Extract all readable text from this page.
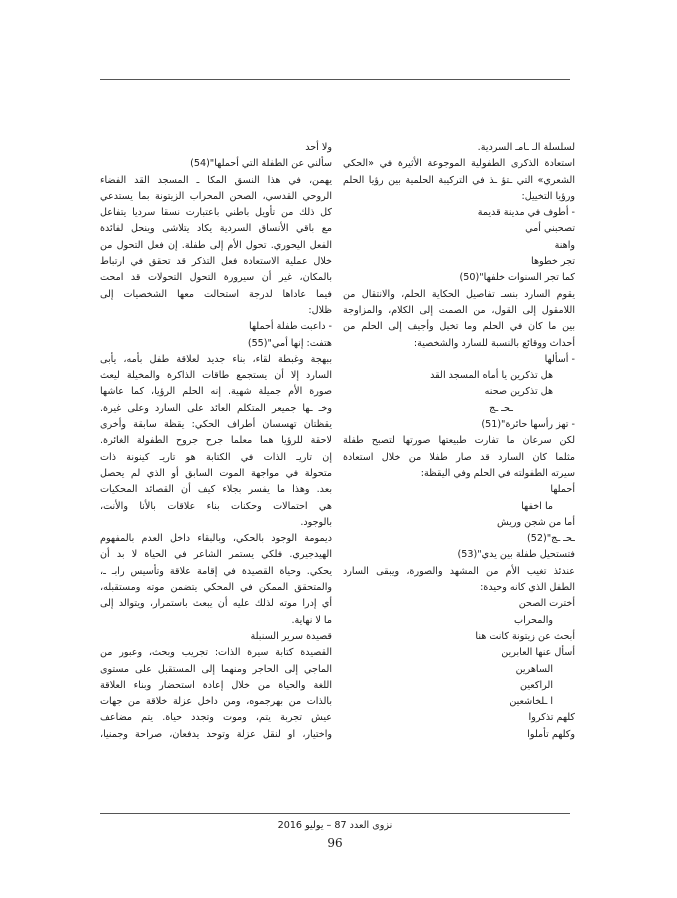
لسلسلة الـ ـامـ السردية.
استعادة الذكرى الطفولية الموجوعة الأثيرة في «الحكي
الشعري» التي ـتؤ ـذ في التركيبة الحلمية بين رؤيا الحلم
ورؤيا التخييل:
- أطوف في مدينة قديمة
تصحبني أمي
واهنة
تجر خطوها
كما تجر السنوات خلفها"(50)
يقوم السارد بنسـ تفاصيل الحكاية الحلم، والانتقال من
اللامقول إلى القول، من الصمت إلى الكلام، والمزاوجة
بين ما كان في الحلم وما تخيل وأجيف إلى الحلم من
أحداث ووقائع بالنسبة للسارد والشخصية:
- أسألها
هل تذكرين يا أماه المسجد القد
هل تذكرين صحنه
ـحـ ـج
- تهز رأسها حائرة"(51)
لكن سرعان ما تفارت طبيعتها صورتها لتصبح طفلة
مثلما كان السارد قد صار طفلا من خلال استعادة
سيرته الطفولته في الحلم وفي اليقظة:
أحملها
ما اخفها
أما من شجن وريش
ـحـ ـج"(52)
فتستحيل طفلة بين يدي"(53)
عندئذ تغيب الأم من المشهد والصورة، ويبقى السارد
الطفل الذي كانه وحيدة:
أخترت الصحن
والمحراب
أبحث عن زيتونة كانت هنا
أسأل عنها العابرين
الساهرين
الراكعين
ا ـلخاشعين
كلهم تذكروا
وكلهم تأملوا
ولا أحد
سألني عن الطفلة التي أحملها"(54)
يهمن، في هذا النسق المكا ـ المسجد القد الفضاء
الروحي القدسي، الصحن المحراب الزيتونة بما يستدعي
كل ذلك من تأويل باطني باعتبارت نسقا سرديا يتفاعل
مع باقي الأنساق السردية يكاد يتلاشى وينحل لفائدة
الفعل اليحوري. تحول الأم إلى طفلة. إن فعل التحول من
خلال عملية الاستعادة فعل التذكر قد تحقق في ارتباط
بالمكان، غير أن سيرورة التحول التحولات قد امحت
فيما عاداها لدرجة استحالت معها الشخصيات إلى
ظلال:
- داعبت طفلة أحملها
هتفت: إنها أمي"(55)
ببهجة وغبطة لقاء، بناء جديد لعلاقة طفل بأمه، يأبى
السارد إلا أن يستجمع طاقات الذاكرة والمخيلة ليعث
صورة الأم جميلة شهية. إنه الحلم الرؤيا، كما عاشها
وخـ ـها جميعر المتكلم العائد على السارد وعلى غيرة.
يقظتان تهسسان أطراف الحكي: يقظة سابقة وأخرى
لاحقة للرؤيا هما معلما جرح جروح الطفولة الغائرة.
إن تاريـ الذات في الكتابة هو تاريـ كينونة ذات
متحولة في مواجهة الموت السابق أو الذي لم يحصل
بعد. وهذا ما يفسر بجلاء كيف أن القصائد المحكيات
هي احتمالات وحكنات بناء علاقات بالأنا والأنت،
بالوجود.
ديمومة الوجود بالحكي، وبالبقاء داخل العدم بالمفهوم
الهيدجيري. فلكي يستمر الشاعر في الحياة لا بد أن
يحكي. وحياة القصيدة في إقامة علاقة وتأسيس رابـ ـ،
والمتحقق الممكن في المحكي يتضمن موته ومستقبله،
أي إدرا موته لذلك عليه أن يبعث باستمرار، ويتوالد إلى
ما لا نهاية.
قصيدة سرير السنبلة
القصيدة كتابة سيرة الذات: تجريب وبحث، وعبور من
الماجي إلى الحاجر ومنهما إلى المستقبل على مستوى
اللغة والحياة من خلال إعادة استحضار وبناء العلاقة
بالذات من بهرجموه، ومن داخل عزلة خلاقة من جهات
عيش تجربة يتم، وموت وتجدد حياة. يتم مضاعف
واختيار، او لنقل عزلة وتوحد يدفعان، صراحة وجمنيا،
نزوى العدد 87 – يوليو 2016
96
